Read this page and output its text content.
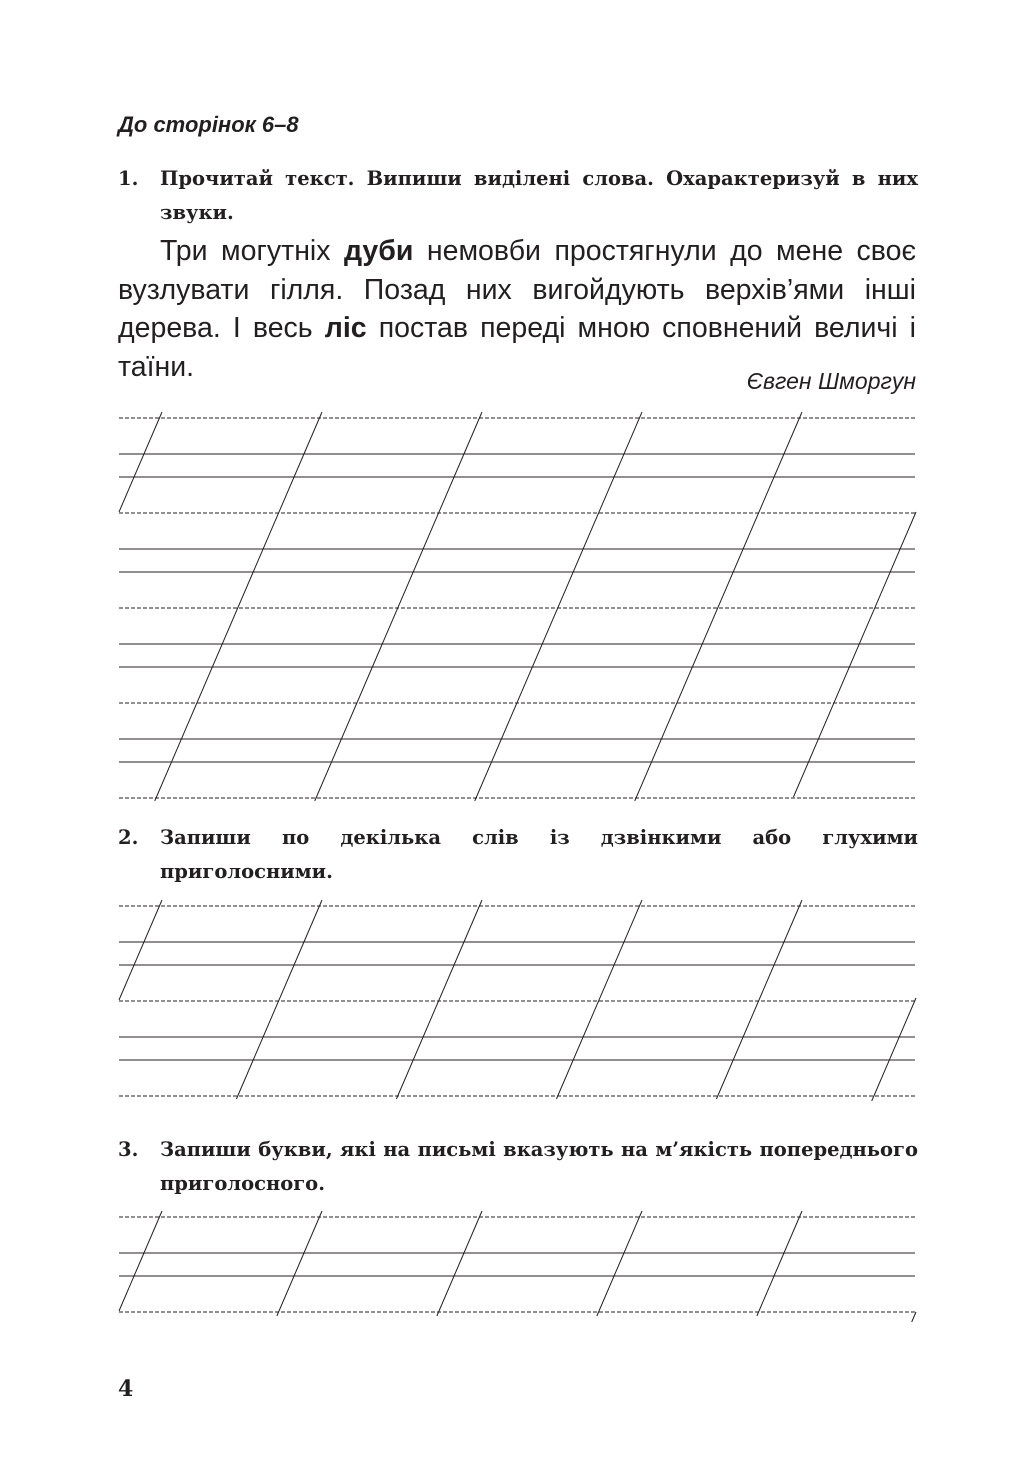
До сторінок 6–8
1. Прочитай текст. Випиши виділені слова. Охарактеризуй в них звуки.

Три могутніх дуби немовби простягнули до мене своє вузлувати гілля. Позад них вигойдують верхів’ями інші дерева. І весь ліс постав переді мною сповнений величі і таїни.	Євген Шморгун
2. Запиши по декілька слів із дзвінкими або глухими приголосними.
3. Запиши букви, які на письмі вказують на м’якість попереднього приголосного.
4
